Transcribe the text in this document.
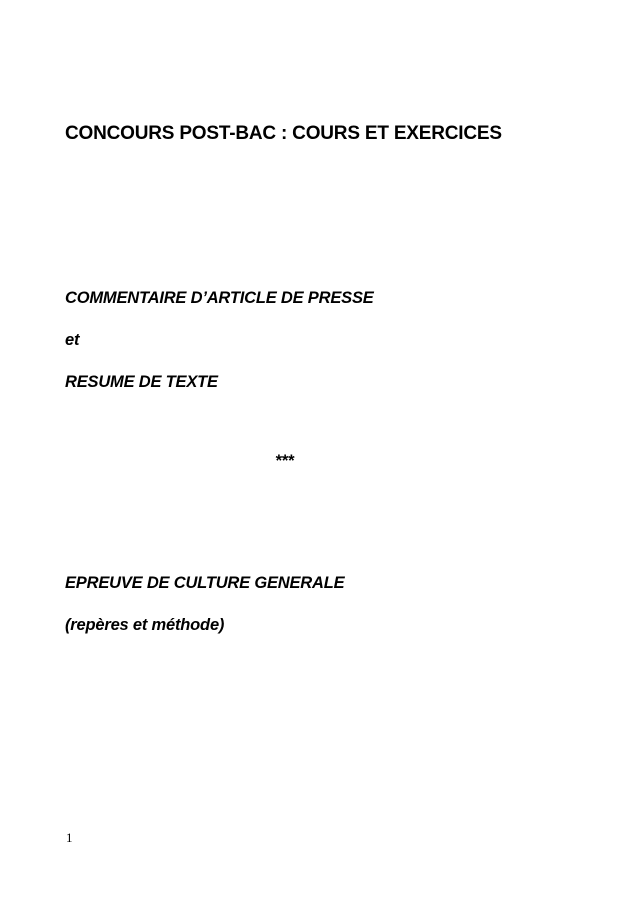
CONCOURS POST-BAC : COURS ET EXERCICES

COMMENTAIRE D’ARTICLE DE PRESSE

et

RESUME DE TEXTE

***

EPREUVE DE CULTURE GENERALE

(repères et méthode)

1
